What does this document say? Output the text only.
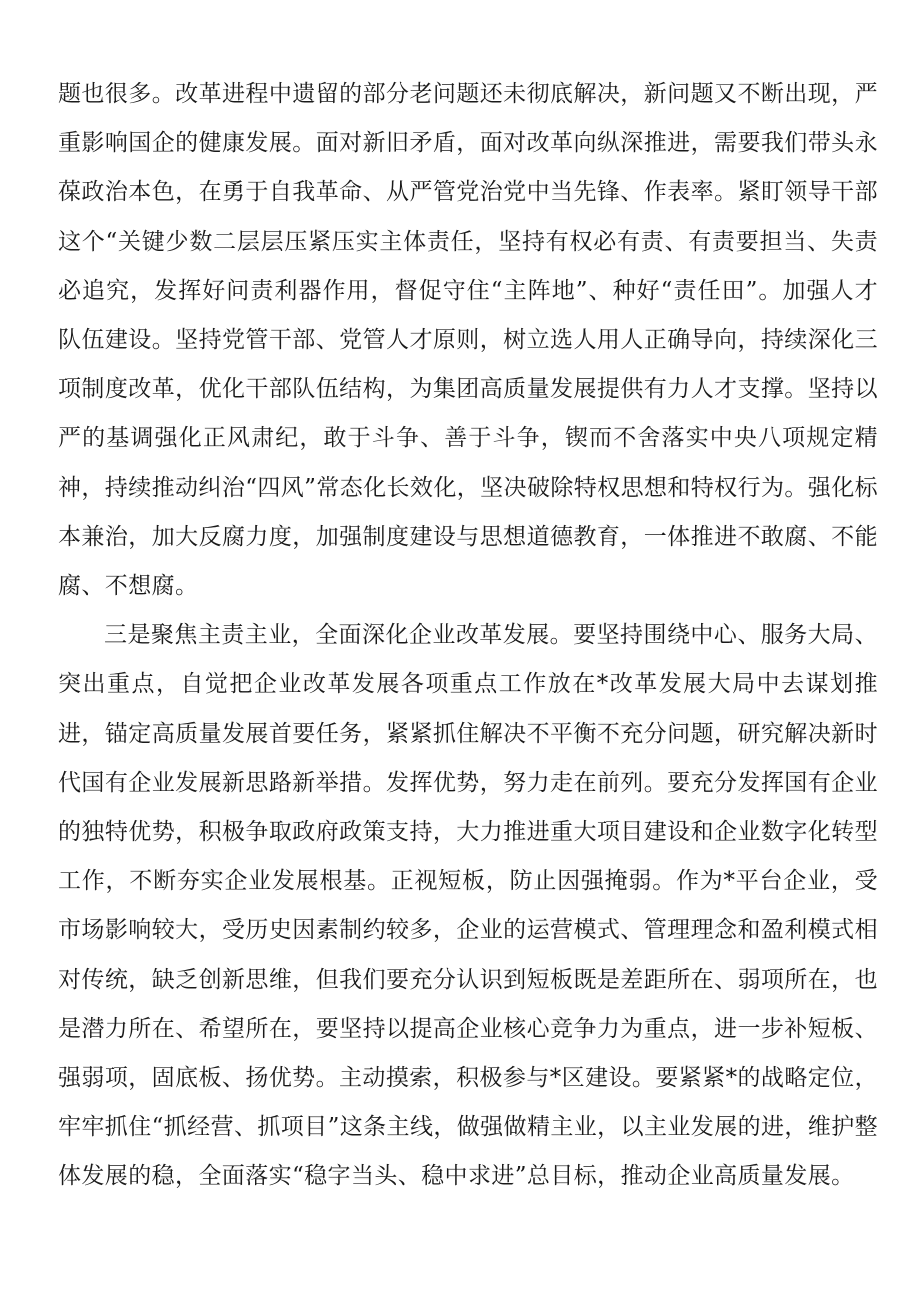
题也很多。改革进程中遗留的部分老问题还未彻底解决，新问题又不断出现，严重影响国企的健康发展。面对新旧矛盾，面对改革向纵深推进，需要我们带头永葆政治本色，在勇于自我革命、从严管党治党中当先锋、作表率。紧盯领导干部这个“关键少数二层层压紧压实主体责任，坚持有权必有责、有责要担当、失责必追究，发挥好问责利器作用，督促守住“主阵地”、种好“责任田”。加强人才队伍建设。坚持党管干部、党管人才原则，树立选人用人正确导向，持续深化三项制度改革，优化干部队伍结构，为集团高质量发展提供有力人才支撑。坚持以严的基调强化正风肃纪，敢于斗争、善于斗争，锲而不舍落实中央八项规定精神，持续推动纠治“四风”常态化长效化，坚决破除特权思想和特权行为。强化标本兼治，加大反腐力度，加强制度建设与思想道德教育，一体推进不敢腐、不能腐、不想腐。

三是聚焦主责主业，全面深化企业改革发展。要坚持围绕中心、服务大局、突出重点，自觉把企业改革发展各项重点工作放在*改革发展大局中去谋划推进，锚定高质量发展首要任务，紧紧抓住解决不平衡不充分问题，研究解决新时代国有企业发展新思路新举措。发挥优势，努力走在前列。要充分发挥国有企业的独特优势，积极争取政府政策支持，大力推进重大项目建设和企业数字化转型工作，不断夯实企业发展根基。正视短板，防止因强掩弱。作为*平台企业，受市场影响较大，受历史因素制约较多，企业的运营模式、管理理念和盈利模式相对传统，缺乏创新思维，但我们要充分认识到短板既是差距所在、弱项所在，也是潜力所在、希望所在，要坚持以提高企业核心竞争力为重点，进一步补短板、强弱项，固底板、扬优势。主动摸索，积极参与*区建设。要紧紧*的战略定位，牢牢抓住“抓经营、抓项目”这条主线，做强做精主业，以主业发展的进，维护整体发展的稳，全面落实“稳字当头、稳中求进”总目标，推动企业高质量发展。
